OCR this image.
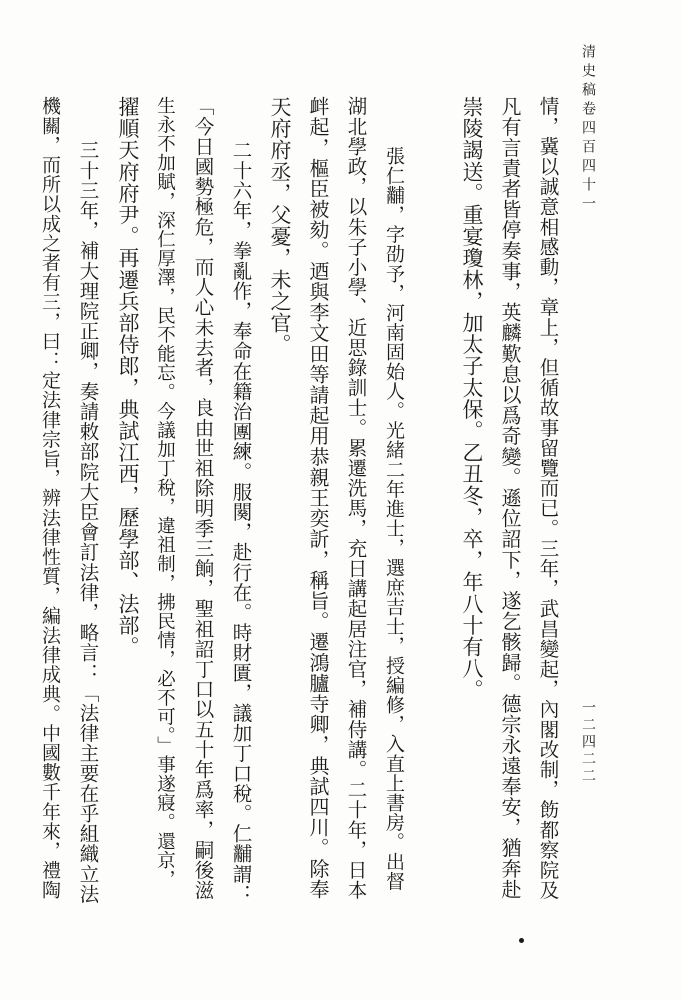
清史稿卷四百四十一
一二四二二
情，冀以誠意相感動，章上，但循故事留覽而已。三年，武昌變起，內閣改制，飭都察院及
凡有言責者皆停奏事，英麟歎息以爲奇變。遜位詔下，遂乞骸歸。德宗永遠奉安，猶奔赴
崇陵謁送。重宴瓊林，加太子太保。乙丑冬，卒，年八十有八。
張仁黼，字劭予，河南固始人。光緒二年進士，選庶吉士，授編修，入直上書房。出督
湖北學政，以朱子小學、近思錄訓士。累遷洗馬，充日講起居注官，補侍講。二十年，日本
衅起，樞臣被劾。迺與李文田等請起用恭親王奕訢，稱旨。遷鴻臚寺卿，典試四川。除奉
天府府丞，父憂，未之官。
二十六年，拳亂作，奉命在籍治團練。服闋，赴行在。時財匱，議加丁口稅。仁黼謂：
「今日國勢極危，而人心未去者，良由世祖除明季三餉，聖祖詔丁口以五十年爲率，嗣後滋
生永不加賦，深仁厚澤，民不能忘。今議加丁稅，違祖制，拂民情，必不可。」事遂寢。還京，
擢順天府府尹。再遷兵部侍郎，典試江西，歷學部、法部。
三十三年，補大理院正卿，奏請敕部院大臣會訂法律，略言：「法律主要在乎組織立法
機關，而所以成之者有三，曰：定法律宗旨，辨法律性質，編法律成典。中國數千年來，禮陶
